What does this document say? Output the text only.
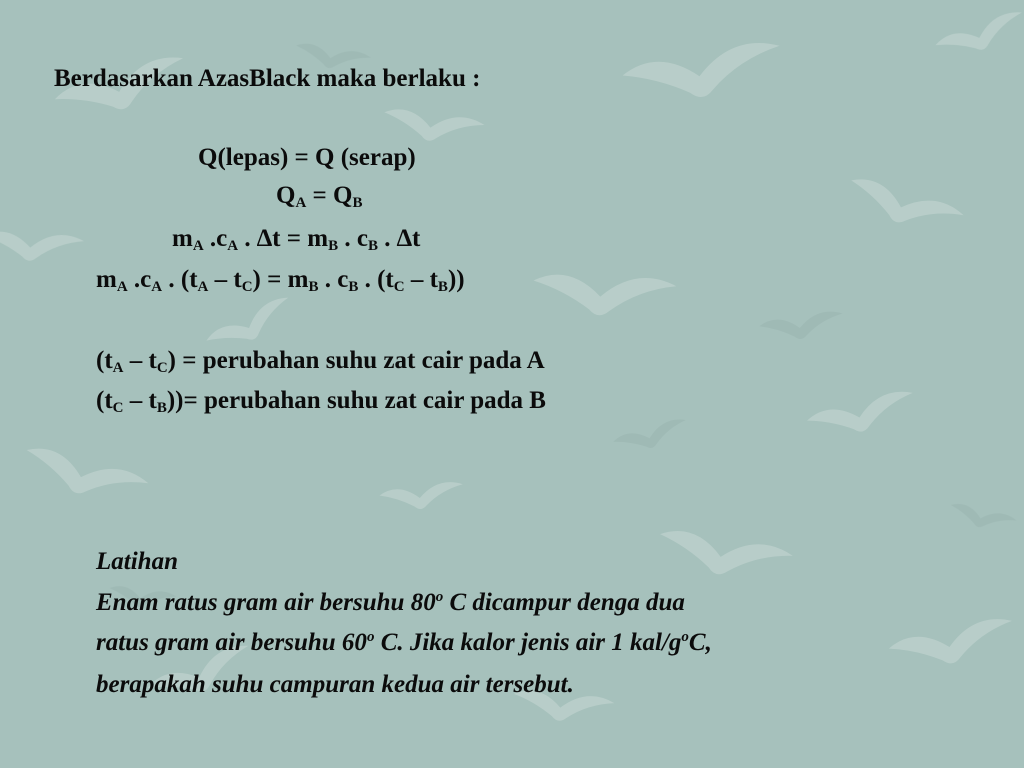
Berdasarkan AzasBlack maka berlaku :
Q(lepas) = Q (serap)
$Q_A = Q_B$
$m_A$ $.c_A$ . $\Delta t = m_B$ . $c_B$ . ∆t
$m_A$ $.c_A$ . $(t_A - t_C) = m_B$ . $c_B$ . $(t_C - t_B)$)
$(t_A - t_C)$ = perubahan suhu zat cair pada A
$(t_C - t_B))=$ perubahan suhu zat cair pada B
Latihan
Enam ratus gram air bersuhu 80$^o$ C dicampur denga dua
ratus gram air bersuhu 60$^o$ C. Jika kalor jenis air 1 kal/$g^oC$,
berapakah suhu campuran kedua air tersebut.
